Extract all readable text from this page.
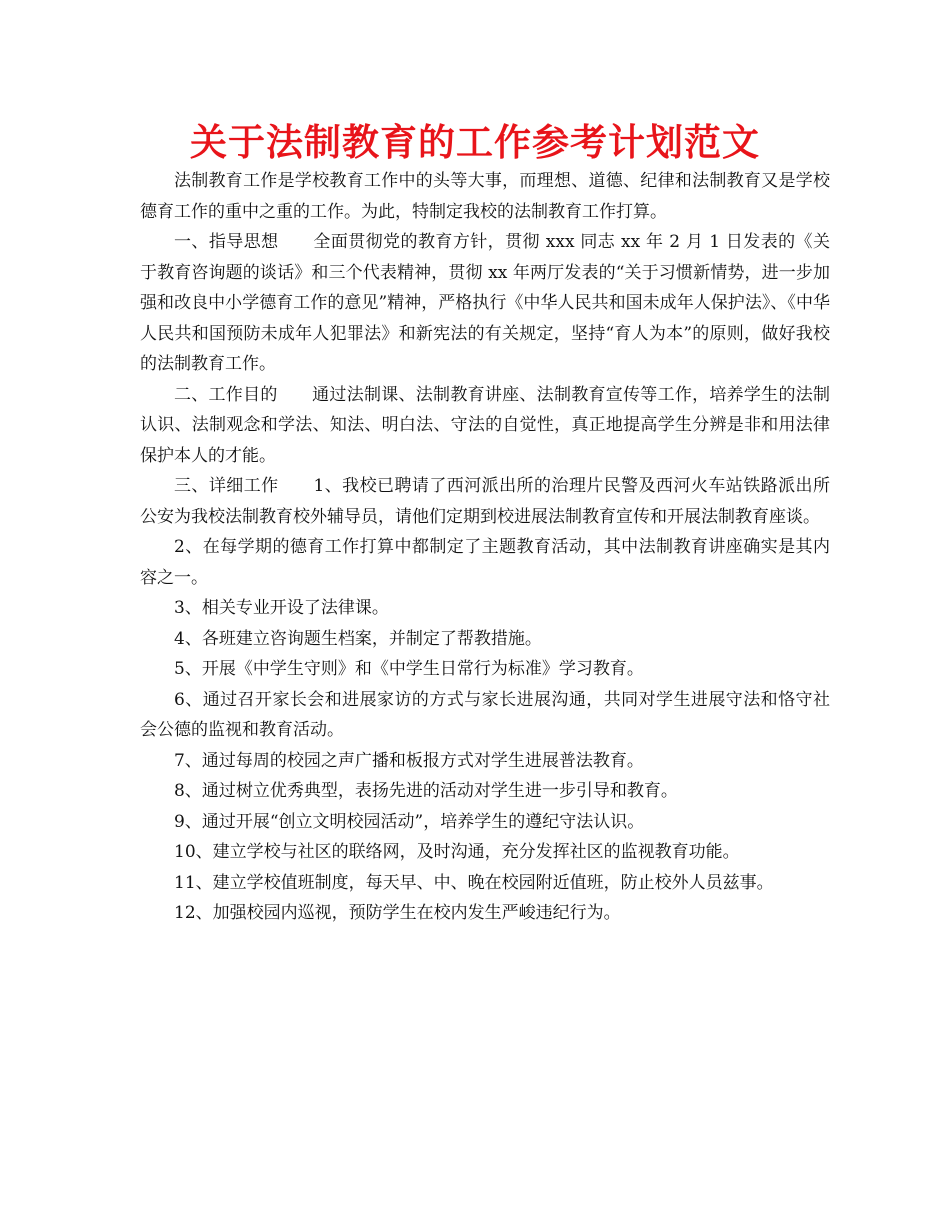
关于法制教育的工作参考计划范文

法制教育工作是学校教育工作中的头等大事，而理想、道德、纪律和法制教育又是学校德育工作的重中之重的工作。为此，特制定我校的法制教育工作打算。

一、指导思想　　全面贯彻党的教育方针，贯彻 xxx 同志 xx 年 2 月 1 日发表的《关于教育咨询题的谈话》和三个代表精神，贯彻 xx 年两厅发表的“关于习惯新情势，进一步加强和改良中小学德育工作的意见”精神，严格执行《中华人民共和国未成年人保护法》、《中华人民共和国预防未成年人犯罪法》和新宪法的有关规定，坚持“育人为本”的原则，做好我校的法制教育工作。

二、工作目的　　通过法制课、法制教育讲座、法制教育宣传等工作，培养学生的法制认识、法制观念和学法、知法、明白法、守法的自觉性，真正地提高学生分辨是非和用法律保护本人的才能。

三、详细工作　　1、我校已聘请了西河派出所的治理片民警及西河火车站铁路派出所公安为我校法制教育校外辅导员，请他们定期到校进展法制教育宣传和开展法制教育座谈。

2、在每学期的德育工作打算中都制定了主题教育活动，其中法制教育讲座确实是其内容之一。

3、相关专业开设了法律课。

4、各班建立咨询题生档案，并制定了帮教措施。

5、开展《中学生守则》和《中学生日常行为标准》学习教育。

6、通过召开家长会和进展家访的方式与家长进展沟通，共同对学生进展守法和恪守社会公德的监视和教育活动。

7、通过每周的校园之声广播和板报方式对学生进展普法教育。

8、通过树立优秀典型，表扬先进的活动对学生进一步引导和教育。

9、通过开展“创立文明校园活动”，培养学生的遵纪守法认识。

10、建立学校与社区的联络网，及时沟通，充分发挥社区的监视教育功能。

11、建立学校值班制度，每天早、中、晚在校园附近值班，防止校外人员兹事。

12、加强校园内巡视，预防学生在校内发生严峻违纪行为。
